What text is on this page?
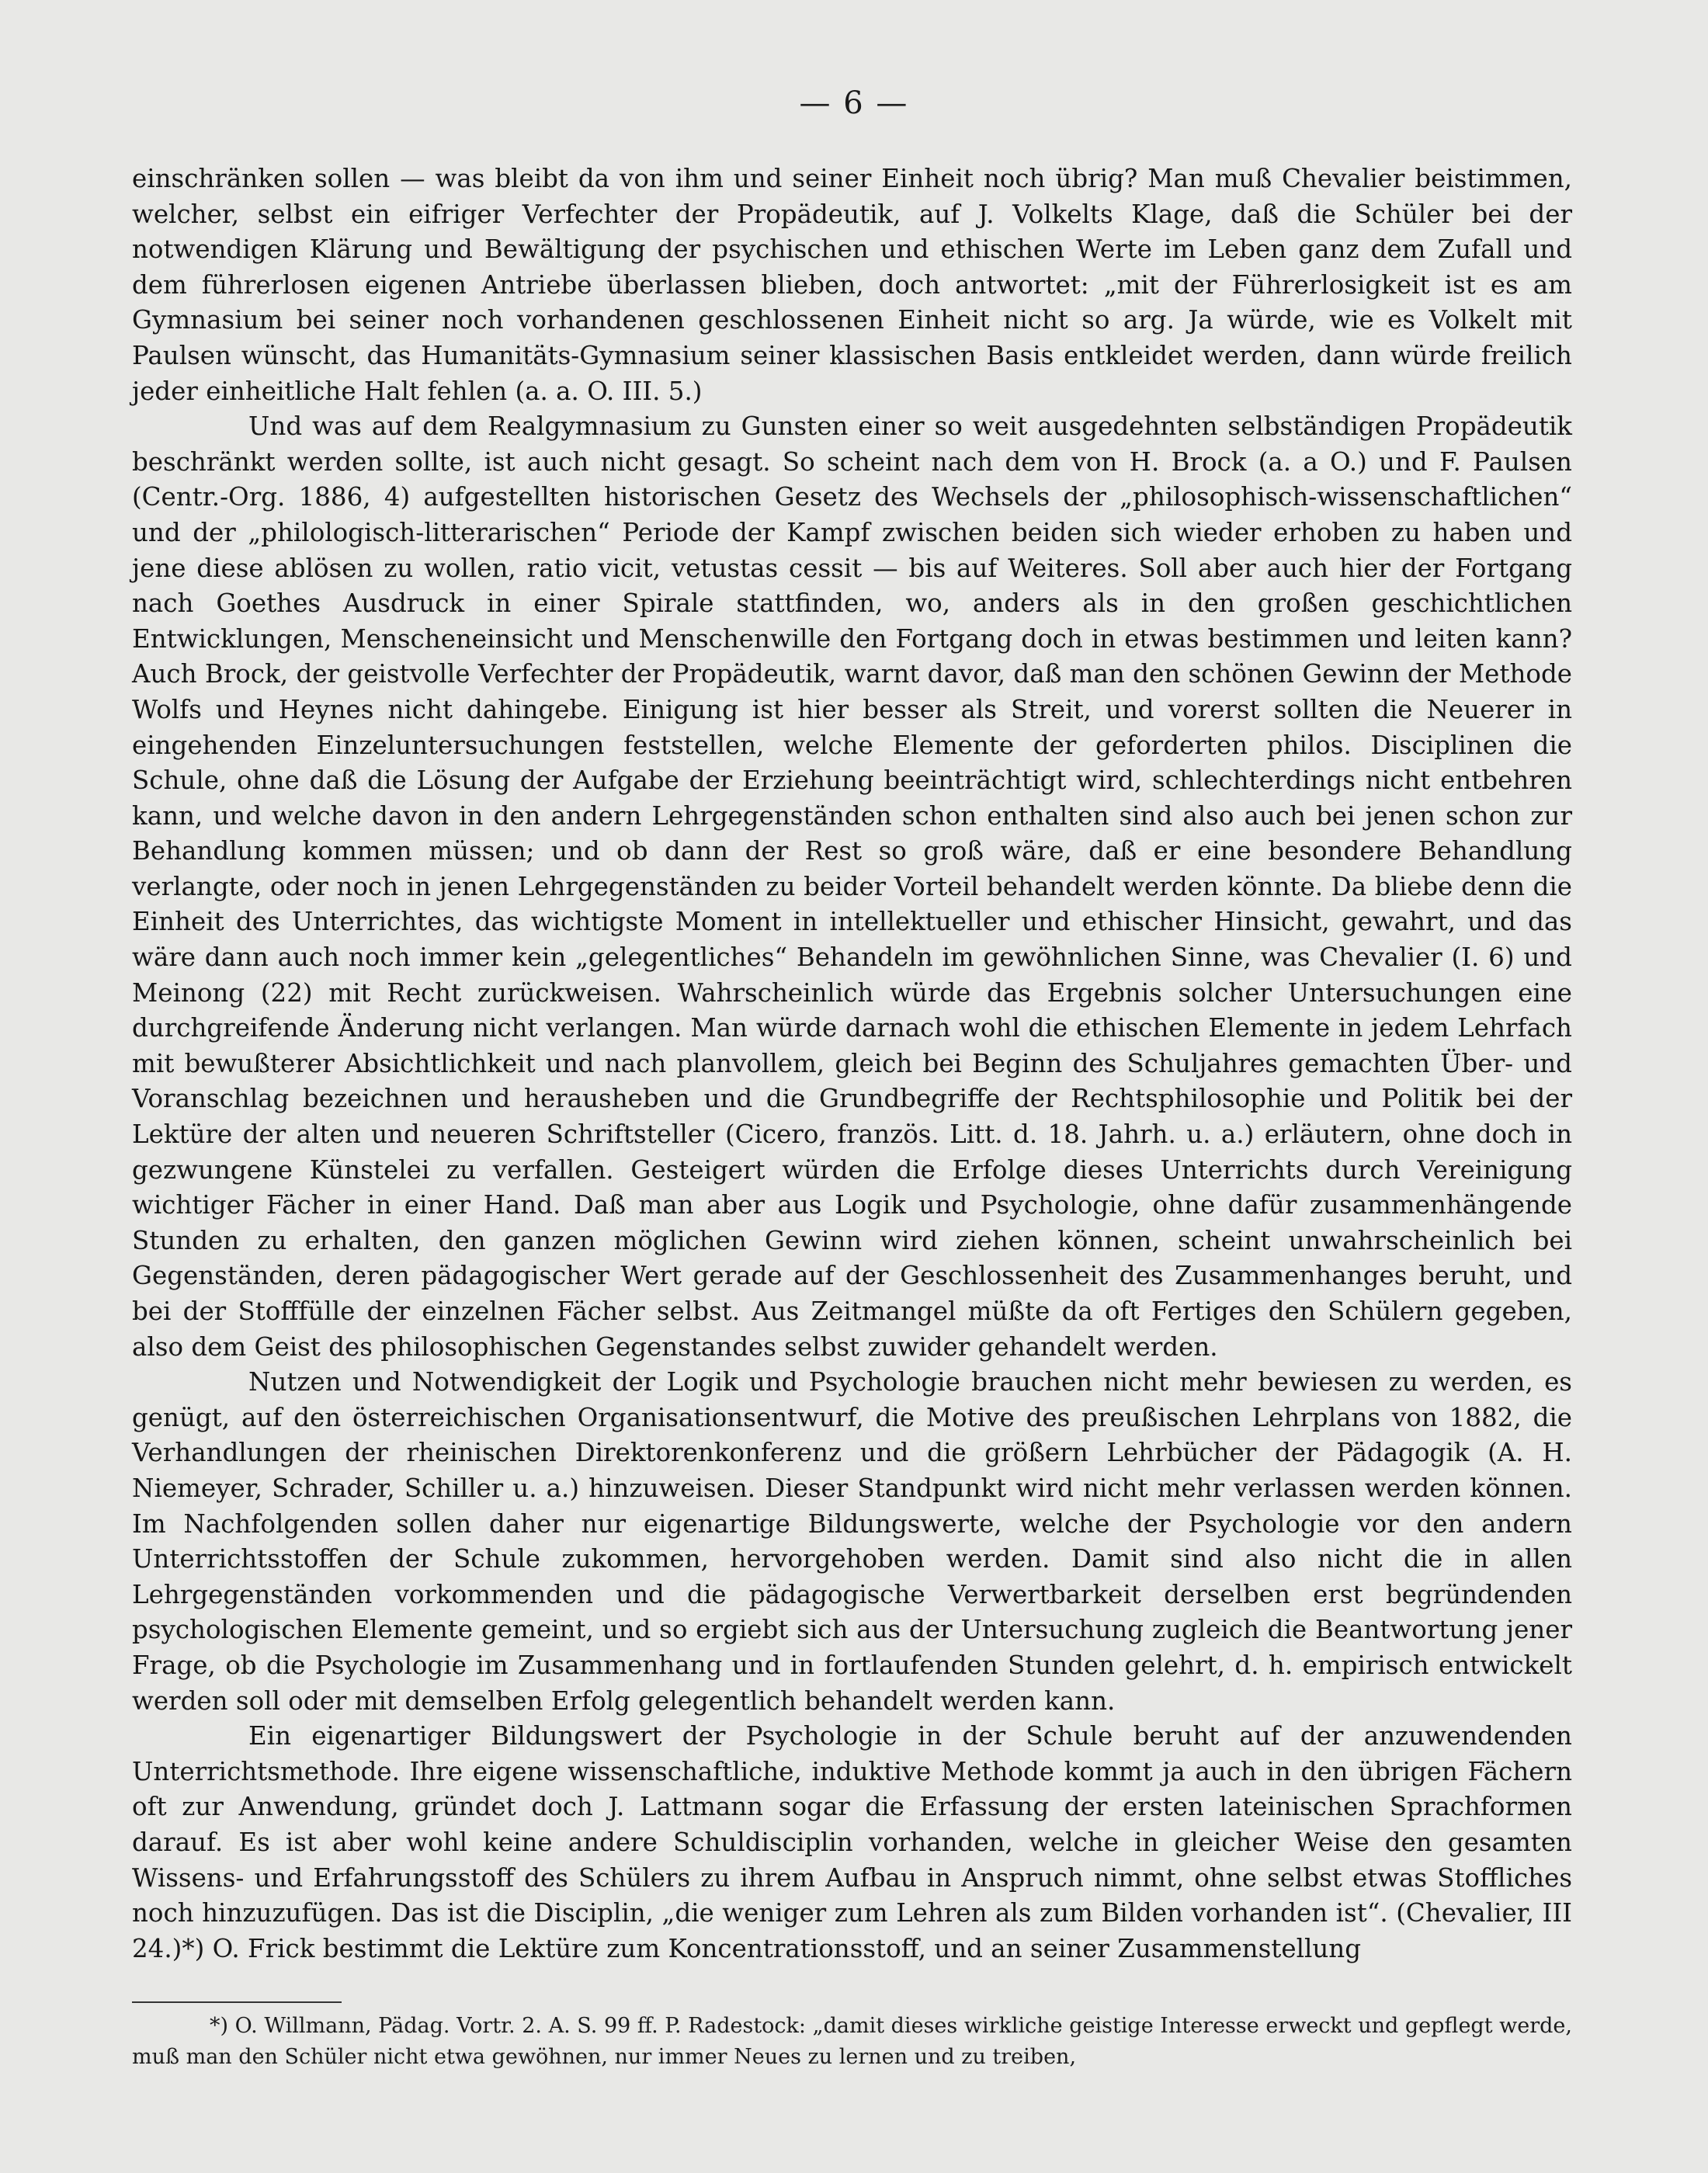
— 6 —

einschränken sollen — was bleibt da von ihm und seiner Einheit noch übrig? Man muß Chevalier beistimmen, welcher, selbst ein eifriger Verfechter der Propädeutik, auf J. Volkelts Klage, daß die Schüler bei der notwendigen Klärung und Bewältigung der psychischen und ethischen Werte im Leben ganz dem Zufall und dem führerlosen eigenen Antriebe überlassen blieben, doch antwortet: „mit der Führerlosigkeit ist es am Gymnasium bei seiner noch vorhandenen geschlossenen Einheit nicht so arg. Ja würde, wie es Volkelt mit Paulsen wünscht, das Humanitäts-Gymnasium seiner klassischen Basis entkleidet werden, dann würde freilich jeder einheitliche Halt fehlen (a. a. O. III. 5.)

Und was auf dem Realgymnasium zu Gunsten einer so weit ausgedehnten selbständigen Propädeutik beschränkt werden sollte, ist auch nicht gesagt. So scheint nach dem von H. Brock (a. a O.) und F. Paulsen (Centr.-Org. 1886, 4) aufgestellten historischen Gesetz des Wechsels der „philosophisch-wissenschaftlichen“ und der „philologisch-litterarischen“ Periode der Kampf zwischen beiden sich wieder erhoben zu haben und jene diese ablösen zu wollen, ratio vicit, vetustas cessit — bis auf Weiteres. Soll aber auch hier der Fortgang nach Goethes Ausdruck in einer Spirale stattfinden, wo, anders als in den großen geschichtlichen Entwicklungen, Menscheneinsicht und Menschenwille den Fortgang doch in etwas bestimmen und leiten kann? Auch Brock, der geistvolle Verfechter der Propädeutik, warnt davor, daß man den schönen Gewinn der Methode Wolfs und Heynes nicht dahingebe. Einigung ist hier besser als Streit, und vorerst sollten die Neuerer in eingehenden Einzeluntersuchungen feststellen, welche Elemente der geforderten philos. Disciplinen die Schule, ohne daß die Lösung der Aufgabe der Erziehung beeinträchtigt wird, schlechterdings nicht entbehren kann, und welche davon in den andern Lehrgegenständen schon enthalten sind also auch bei jenen schon zur Behandlung kommen müssen; und ob dann der Rest so groß wäre, daß er eine besondere Behandlung verlangte, oder noch in jenen Lehrgegenständen zu beider Vorteil behandelt werden könnte. Da bliebe denn die Einheit des Unterrichtes, das wichtigste Moment in intellektueller und ethischer Hinsicht, gewahrt, und das wäre dann auch noch immer kein „gelegentliches“ Behandeln im gewöhnlichen Sinne, was Chevalier (I. 6) und Meinong (22) mit Recht zurückweisen. Wahrscheinlich würde das Ergebnis solcher Untersuchungen eine durchgreifende Änderung nicht verlangen. Man würde darnach wohl die ethischen Elemente in jedem Lehrfach mit bewußterer Absichtlichkeit und nach planvollem, gleich bei Beginn des Schuljahres gemachten Über- und Voranschlag bezeichnen und herausheben und die Grundbegriffe der Rechtsphilosophie und Politik bei der Lektüre der alten und neueren Schriftsteller (Cicero, französ. Litt. d. 18. Jahrh. u. a.) erläutern, ohne doch in gezwungene Künstelei zu verfallen. Gesteigert würden die Erfolge dieses Unterrichts durch Vereinigung wichtiger Fächer in einer Hand. Daß man aber aus Logik und Psychologie, ohne dafür zusammenhängende Stunden zu erhalten, den ganzen möglichen Gewinn wird ziehen können, scheint unwahrscheinlich bei Gegenständen, deren pädagogischer Wert gerade auf der Geschlossenheit des Zusammenhanges beruht, und bei der Stofffülle der einzelnen Fächer selbst. Aus Zeitmangel müßte da oft Fertiges den Schülern gegeben, also dem Geist des philosophischen Gegenstandes selbst zuwider gehandelt werden.

Nutzen und Notwendigkeit der Logik und Psychologie brauchen nicht mehr bewiesen zu werden, es genügt, auf den österreichischen Organisationsentwurf, die Motive des preußischen Lehrplans von 1882, die Verhandlungen der rheinischen Direktorenkonferenz und die größern Lehrbücher der Pädagogik (A. H. Niemeyer, Schrader, Schiller u. a.) hinzuweisen. Dieser Standpunkt wird nicht mehr verlassen werden können. Im Nachfolgenden sollen daher nur eigenartige Bildungswerte, welche der Psychologie vor den andern Unterrichtsstoffen der Schule zukommen, hervorgehoben werden. Damit sind also nicht die in allen Lehrgegenständen vorkommenden und die pädagogische Verwertbarkeit derselben erst begründenden psychologischen Elemente gemeint, und so ergiebt sich aus der Untersuchung zugleich die Beantwortung jener Frage, ob die Psychologie im Zusammenhang und in fortlaufenden Stunden gelehrt, d. h. empirisch entwickelt werden soll oder mit demselben Erfolg gelegentlich behandelt werden kann.

Ein eigenartiger Bildungswert der Psychologie in der Schule beruht auf der anzuwendenden Unterrichtsmethode. Ihre eigene wissenschaftliche, induktive Methode kommt ja auch in den übrigen Fächern oft zur Anwendung, gründet doch J. Lattmann sogar die Erfassung der ersten lateinischen Sprachformen darauf. Es ist aber wohl keine andere Schuldisciplin vorhanden, welche in gleicher Weise den gesamten Wissens- und Erfahrungsstoff des Schülers zu ihrem Aufbau in Anspruch nimmt, ohne selbst etwas Stoffliches noch hinzuzufügen. Das ist die Disciplin, „die weniger zum Lehren als zum Bilden vorhanden ist“. (Chevalier, III 24.)*) O. Frick bestimmt die Lektüre zum Koncentrationsstoff, und an seiner Zusammenstellung

*) O. Willmann, Pädag. Vortr. 2. A. S. 99 ff. P. Radestock: „damit dieses wirkliche geistige Interesse erweckt und gepflegt werde, muß man den Schüler nicht etwa gewöhnen, nur immer Neues zu lernen und zu treiben,
